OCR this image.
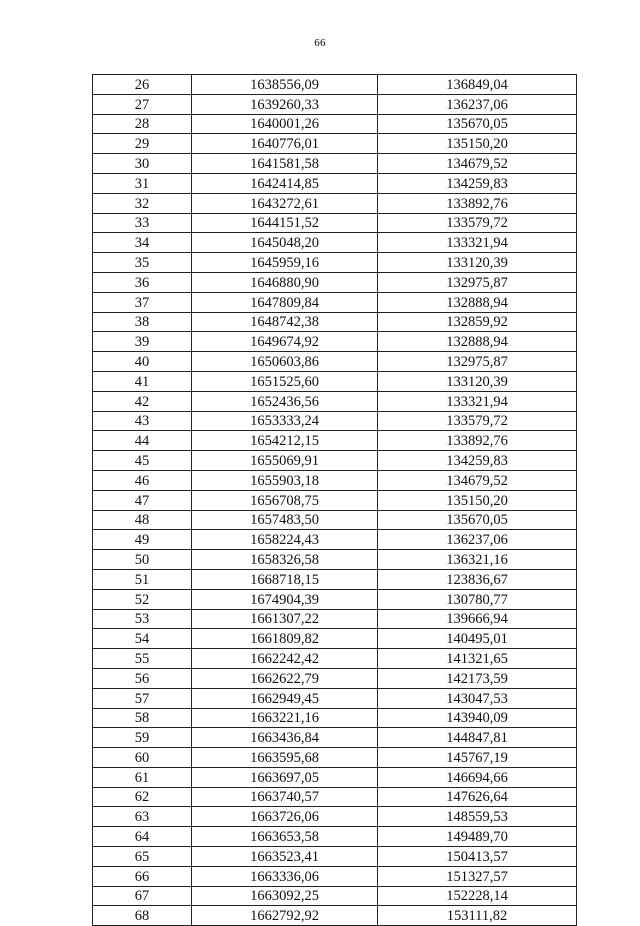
66
26	1638556,09	136849,04
27	1639260,33	136237,06
28	1640001,26	135670,05
29	1640776,01	135150,20
30	1641581,58	134679,52
31	1642414,85	134259,83
32	1643272,61	133892,76
33	1644151,52	133579,72
34	1645048,20	133321,94
35	1645959,16	133120,39
36	1646880,90	132975,87
37	1647809,84	132888,94
38	1648742,38	132859,92
39	1649674,92	132888,94
40	1650603,86	132975,87
41	1651525,60	133120,39
42	1652436,56	133321,94
43	1653333,24	133579,72
44	1654212,15	133892,76
45	1655069,91	134259,83
46	1655903,18	134679,52
47	1656708,75	135150,20
48	1657483,50	135670,05
49	1658224,43	136237,06
50	1658326,58	136321,16
51	1668718,15	123836,67
52	1674904,39	130780,77
53	1661307,22	139666,94
54	1661809,82	140495,01
55	1662242,42	141321,65
56	1662622,79	142173,59
57	1662949,45	143047,53
58	1663221,16	143940,09
59	1663436,84	144847,81
60	1663595,68	145767,19
61	1663697,05	146694,66
62	1663740,57	147626,64
63	1663726,06	148559,53
64	1663653,58	149489,70
65	1663523,41	150413,57
66	1663336,06	151327,57
67	1663092,25	152228,14
68	1662792,92	153111,82
